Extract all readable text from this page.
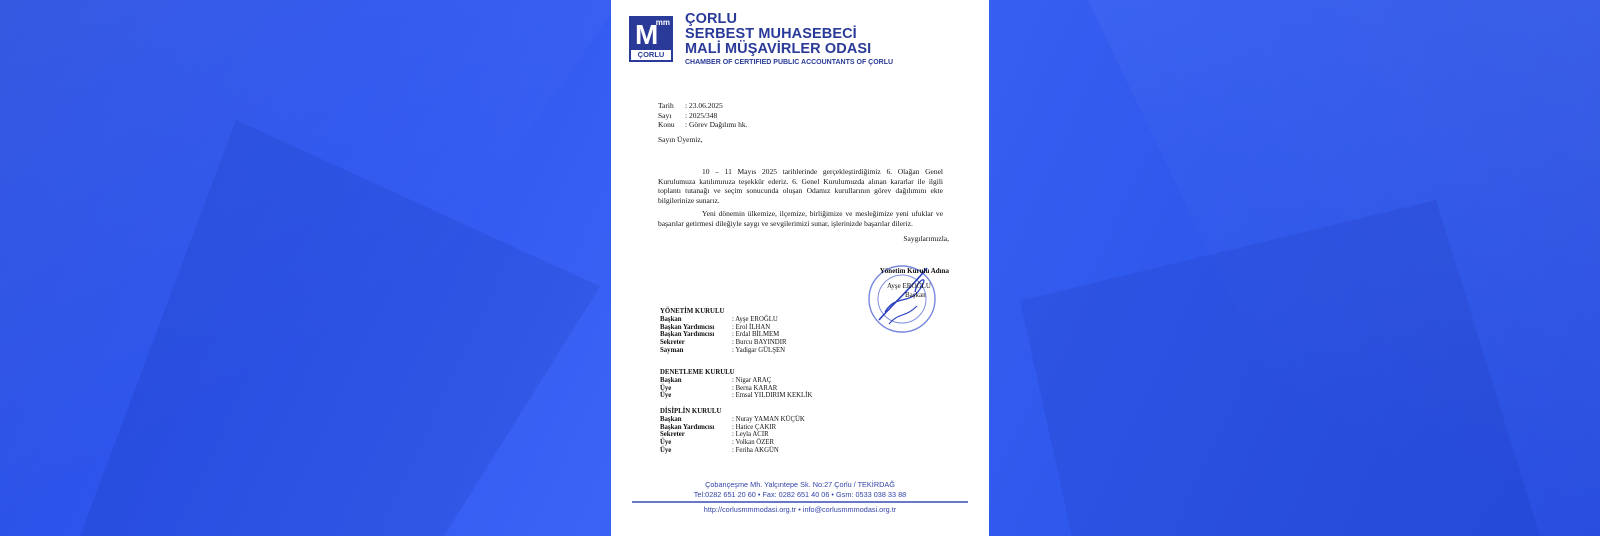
M
mm
ÇORLU
ÇORLU
SERBEST MUHASEBECİ
MALİ MÜŞAVİRLER ODASI
CHAMBER OF CERTIFIED PUBLIC ACCOUNTANTS OF ÇORLU
Tarih	: 23.06.2025
Sayı	: 2025/348
Konu	: Görev Dağılımı hk.
Sayın Üyemiz,
10 – 11 Mayıs 2025 tarihlerinde gerçekleştirdiğimiz 6. Olağan Genel Kurulumuza katılımınıza teşekkür ederiz. 6. Genel Kurulumuzda alınan kararlar ile ilgili toplantı tutanağı ve seçim sonucunda oluşan Odamız kurullarının görev dağılımını ekte bilgilerinize sunarız.
Yeni dönemin ülkemize, ilçemize, birliğimize ve mesleğimize yeni ufuklar ve başarılar getirmesi dileğiyle saygı ve sevgilerimizi sunar, işlerinizde başarılar dileriz.
Saygılarımızla,
Yönetim Kurulu Adına
Ayşe EROĞLU
Başkan
YÖNETİM KURULU
Başkan	: Ayşe EROĞLU
Başkan Yardımcısı	: Erol İLHAN
Başkan Yardımcısı	: Erdal BİLMEM
Sekreter	: Burcu BAYINDIR
Sayman	: Yadigar GÜLŞEN
DENETLEME KURULU
Başkan	: Nigar ARAÇ
Üye	: Berna KARAR
Üye	: Emsal YILDIRIM KEKLİK
DİSİPLİN KURULU
Başkan	: Nuray YAMAN KÜÇÜK
Başkan Yardımcısı	: Hatice ÇAKIR
Sekreter	: Leyla ACIR
Üye	: Volkan ÖZER
Üye	: Feriha AKGÜN
Çobançeşme Mh. Yalçıntepe Sk. No:27 Çorlu / TEKİRDAĞ
Tel:0282 651 20 60 • Fax: 0282 651 40 06 • Gsm: 0533 038 33 88
http://corlusmmmodasi.org.tr • info@corlusmmmodasi.org.tr
